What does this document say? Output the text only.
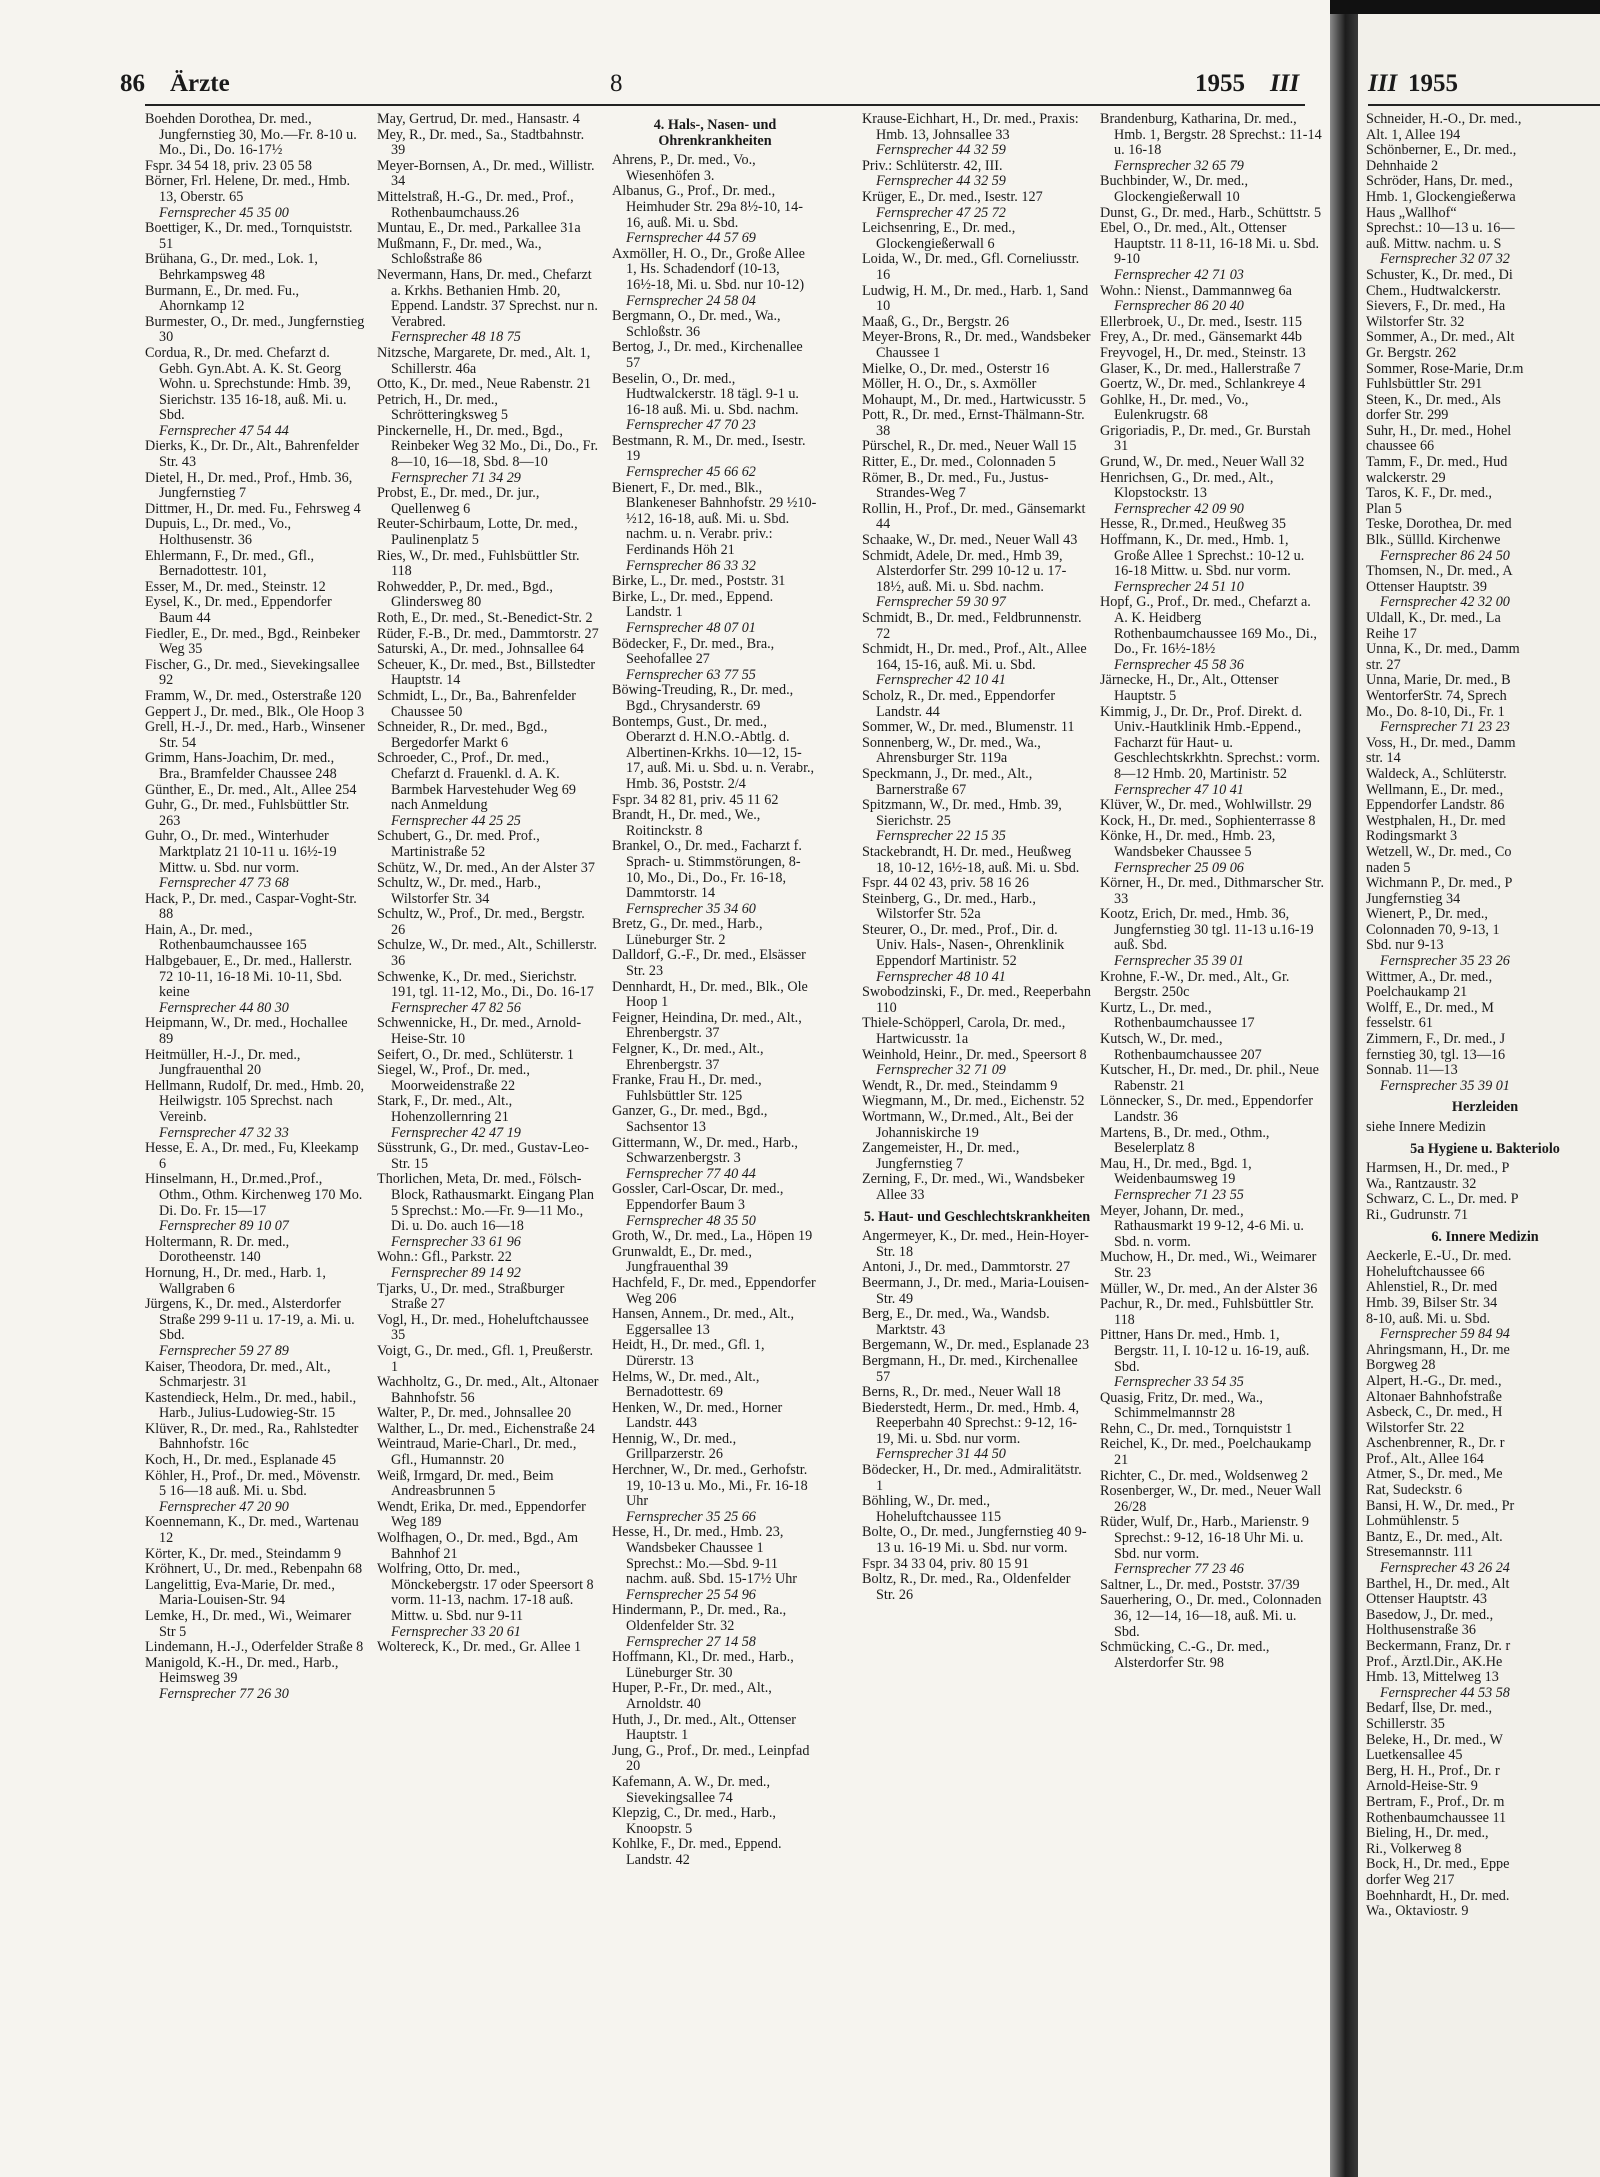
86 Ärzte	8	1955 III	III 1955
Boehden Dorothea, Dr. med., Jungfernstieg 30, Mo.—Fr. 8-10 u. Mo., Di., Do. 16-17½
Fspr. 34 54 18, priv. 23 05 58
Börner, Frl. Helene, Dr. med., Hmb. 13, Oberstr. 65
Fernsprecher 45 35 00
Boettiger, K., Dr. med., Tornquiststr. 51
Brühana, G., Dr. med., Lok. 1, Behrkampsweg 48
Burmann, E., Dr. med. Fu., Ahornkamp 12
Burmester, O., Dr. med., Jungfernstieg 30
Cordua, R., Dr. med. Chefarzt d. Gebh. Gyn.Abt. A. K. St. Georg Wohn. u. Sprechstunde: Hmb. 39, Sierichstr. 135 16-18, auß. Mi. u. Sbd.
Fernsprecher 47 54 44
Dierks, K., Dr. Dr., Alt., Bahrenfelder Str. 43
Dietel, H., Dr. med., Prof., Hmb. 36, Jungfernstieg 7
Dittmer, H., Dr. med. Fu., Fehrsweg 4
Dupuis, L., Dr. med., Vo., Holthusenstr. 36
Ehlermann, F., Dr. med., Gfl., Bernadottestr. 101,
Esser, M., Dr. med., Steinstr. 12
Eysel, K., Dr. med., Eppendorfer Baum 44
Fiedler, E., Dr. med., Bgd., Reinbeker Weg 35
Fischer, G., Dr. med., Sievekingsallee 92
Framm, W., Dr. med., Osterstraße 120
Geppert J., Dr. med., Blk., Ole Hoop 3
Grell, H.-J., Dr. med., Harb., Winsener Str. 54
Grimm, Hans-Joachim, Dr. med., Bra., Bramfelder Chaussee 248
Günther, E., Dr. med., Alt., Allee 254
Guhr, G., Dr. med., Fuhlsbüttler Str. 263
Guhr, O., Dr. med., Winterhuder Marktplatz 21 10-11 u. 16½-19 Mittw. u. Sbd. nur vorm.
Fernsprecher 47 73 68
Hack, P., Dr. med., Caspar-Voght-Str. 88
Hain, A., Dr. med., Rothenbaumchaussee 165
Halbgebauer, E., Dr. med., Hallerstr. 72 10-11, 16-18 Mi. 10-11, Sbd. keine
Fernsprecher 44 80 30
Heipmann, W., Dr. med., Hochallee 89
Heitmüller, H.-J., Dr. med., Jungfrauenthal 20
Hellmann, Rudolf, Dr. med., Hmb. 20, Heilwigstr. 105 Sprechst. nach Vereinb.
Fernsprecher 47 32 33
Hesse, E. A., Dr. med., Fu, Kleekamp 6
Hinselmann, H., Dr.med.,Prof., Othm., Othm. Kirchenweg 170 Mo. Di. Do. Fr. 15—17
Fernsprecher 89 10 07
Holtermann, R. Dr. med., Dorotheenstr. 140
Hornung, H., Dr. med., Harb. 1, Wallgraben 6
Jürgens, K., Dr. med., Alsterdorfer Straße 299 9-11 u. 17-19, a. Mi. u. Sbd.
Fernsprecher 59 27 89
Kaiser, Theodora, Dr. med., Alt., Schmarjestr. 31
Kastendieck, Helm., Dr. med., habil., Harb., Julius-Ludowieg-Str. 15
Klüver, R., Dr. med., Ra., Rahlstedter Bahnhofstr. 16c
Koch, H., Dr. med., Esplanade 45
Köhler, H., Prof., Dr. med., Mövenstr. 5 16—18 auß. Mi. u. Sbd.
Fernsprecher 47 20 90
Koennemann, K., Dr. med., Wartenau 12
Körter, K., Dr. med., Steindamm 9
Kröhnert, U., Dr. med., Rebenpahn 68
Langelittig, Eva-Marie, Dr. med., Maria-Louisen-Str. 94
Lemke, H., Dr. med., Wi., Weimarer Str 5
Lindemann, H.-J., Oderfelder Straße 8
Manigold, K.-H., Dr. med., Harb., Heimsweg 39
Fernsprecher 77 26 30
May, Gertrud, Dr. med., Hansastr. 4
Mey, R., Dr. med., Sa., Stadtbahnstr. 39
Meyer-Bornsen, A., Dr. med., Willistr. 34
Mittelstraß, H.-G., Dr. med., Prof., Rothenbaumchauss.26
Muntau, E., Dr. med., Parkallee 31a
Mußmann, F., Dr. med., Wa., Schloßstraße 86
Nevermann, Hans, Dr. med., Chefarzt a. Krkhs. Bethanien Hmb. 20, Eppend. Landstr. 37 Sprechst. nur n. Verabred.
Fernsprecher 48 18 75
Nitzsche, Margarete, Dr. med., Alt. 1, Schillerstr. 46a
Otto, K., Dr. med., Neue Rabenstr. 21
Petrich, H., Dr. med., Schrötteringksweg 5
Pinckernelle, H., Dr. med., Bgd., Reinbeker Weg 32 Mo., Di., Do., Fr. 8—10, 16—18, Sbd. 8—10
Fernsprecher 71 34 29
Probst, E., Dr. med., Dr. jur., Quellenweg 6
Reuter-Schirbaum, Lotte, Dr. med., Paulinenplatz 5
Ries, W., Dr. med., Fuhlsbüttler Str. 118
Rohwedder, P., Dr. med., Bgd., Glindersweg 80
Roth, E., Dr. med., St.-Benedict-Str. 2
Rüder, F.-B., Dr. med., Dammtorstr. 27
Saturski, A., Dr. med., Johnsallee 64
Scheuer, K., Dr. med., Bst., Billstedter Hauptstr. 14
Schmidt, L., Dr., Ba., Bahrenfelder Chaussee 50
Schneider, R., Dr. med., Bgd., Bergedorfer Markt 6
Schroeder, C., Prof., Dr. med., Chefarzt d. Frauenkl. d. A. K. Barmbek Harvestehuder Weg 69 nach Anmeldung
Fernsprecher 44 25 25
Schubert, G., Dr. med. Prof., Martinistraße 52
Schütz, W., Dr. med., An der Alster 37
Schultz, W., Dr. med., Harb., Wilstorfer Str. 34
Schultz, W., Prof., Dr. med., Bergstr. 26
Schulze, W., Dr. med., Alt., Schillerstr. 36
Schwenke, K., Dr. med., Sierichstr. 191, tgl. 11-12, Mo., Di., Do. 16-17
Fernsprecher 47 82 56
Schwennicke, H., Dr. med., Arnold-Heise-Str. 10
Seifert, O., Dr. med., Schlüterstr. 1
Siegel, W., Prof., Dr. med., Moorweidenstraße 22
Stark, F., Dr. med., Alt., Hohenzollernring 21
Fernsprecher 42 47 19
Süsstrunk, G., Dr. med., Gustav-Leo-Str. 15
Thorlichen, Meta, Dr. med., Fölsch-Block, Rathausmarkt. Eingang Plan 5 Sprechst.: Mo.—Fr. 9—11 Mo., Di. u. Do. auch 16—18
Fernsprecher 33 61 96
Wohn.: Gfl., Parkstr. 22
Fernsprecher 89 14 92
Tjarks, U., Dr. med., Straßburger Straße 27
Vogl, H., Dr. med., Hoheluftchaussee 35
Voigt, G., Dr. med., Gfl. 1, Preußerstr. 1
Wachholtz, G., Dr. med., Alt., Altonaer Bahnhofstr. 56
Walter, P., Dr. med., Johnsallee 20
Walther, L., Dr. med., Eichenstraße 24
Weintraud, Marie-Charl., Dr. med., Gfl., Humannstr. 20
Weiß, Irmgard, Dr. med., Beim Andreasbrunnen 5
Wendt, Erika, Dr. med., Eppendorfer Weg 189
Wolfhagen, O., Dr. med., Bgd., Am Bahnhof 21
Wolfring, Otto, Dr. med., Mönckebergstr. 17 oder Speersort 8 vorm. 11-13, nachm. 17-18 auß. Mittw. u. Sbd. nur 9-11
Fernsprecher 33 20 61
Woltereck, K., Dr. med., Gr. Allee 1
4. Hals-, Nasen- und Ohrenkrankheiten
Ahrens, P., Dr. med., Vo., Wiesenhöfen 3.
Albanus, G., Prof., Dr. med., Heimhuder Str. 29a 8½-10, 14-16, auß. Mi. u. Sbd.
Fernsprecher 44 57 69
Axmöller, H. O., Dr., Große Allee 1, Hs. Schadendorf (10-13, 16½-18, Mi. u. Sbd. nur 10-12)
Fernsprecher 24 58 04
Bergmann, O., Dr. med., Wa., Schloßstr. 36
Bertog, J., Dr. med., Kirchenallee 57
Beselin, O., Dr. med., Hudtwalckerstr. 18 tägl. 9-1 u. 16-18 auß. Mi. u. Sbd. nachm.
Fernsprecher 47 70 23
Bestmann, R. M., Dr. med., Isestr. 19
Fernsprecher 45 66 62
Bienert, F., Dr. med., Blk., Blankeneser Bahnhofstr. 29 ½10-½12, 16-18, auß. Mi. u. Sbd. nachm. u. n. Verabr. priv.: Ferdinands Höh 21
Fernsprecher 86 33 32
Birke, L., Dr. med., Poststr. 31
Birke, L., Dr. med., Eppend. Landstr. 1
Fernsprecher 48 07 01
Bödecker, F., Dr. med., Bra., Seehofallee 27
Fernsprecher 63 77 55
Böwing-Treuding, R., Dr. med., Bgd., Chrysanderstr. 69
Bontemps, Gust., Dr. med., Oberarzt d. H.N.O.-Abtlg. d. Albertinen-Krkhs. 10—12, 15-17, auß. Mi. u. Sbd. u. n. Verabr., Hmb. 36, Poststr. 2/4
Fspr. 34 82 81, priv. 45 11 62
Brandt, H., Dr. med., We., Roitinckstr. 8
Brankel, O., Dr. med., Facharzt f. Sprach- u. Stimmstörungen, 8-10, Mo., Di., Do., Fr. 16-18, Dammtorstr. 14
Fernsprecher 35 34 60
Bretz, G., Dr. med., Harb., Lüneburger Str. 2
Dalldorf, G.-F., Dr. med., Elsässer Str. 23
Dennhardt, H., Dr. med., Blk., Ole Hoop 1
Feigner, Heindina, Dr. med., Alt., Ehrenbergstr. 37
Felgner, K., Dr. med., Alt., Ehrenbergstr. 37
Franke, Frau H., Dr. med., Fuhlsbüttler Str. 125
Ganzer, G., Dr. med., Bgd., Sachsentor 13
Gittermann, W., Dr. med., Harb., Schwarzenbergstr. 3
Fernsprecher 77 40 44
Gossler, Carl-Oscar, Dr. med., Eppendorfer Baum 3
Fernsprecher 48 35 50
Groth, W., Dr. med., La., Höpen 19
Grunwaldt, E., Dr. med., Jungfrauenthal 39
Hachfeld, F., Dr. med., Eppendorfer Weg 206
Hansen, Annem., Dr. med., Alt., Eggersallee 13
Heidt, H., Dr. med., Gfl. 1, Dürerstr. 13
Helms, W., Dr. med., Alt., Bernadottestr. 69
Henken, W., Dr. med., Horner Landstr. 443
Hennig, W., Dr. med., Grillparzerstr. 26
Herchner, W., Dr. med., Gerhofstr. 19, 10-13 u. Mo., Mi., Fr. 16-18 Uhr
Fernsprecher 35 25 66
Hesse, H., Dr. med., Hmb. 23, Wandsbeker Chaussee 1 Sprechst.: Mo.—Sbd. 9-11 nachm. auß. Sbd. 15-17½ Uhr
Fernsprecher 25 54 96
Hindermann, P., Dr. med., Ra., Oldenfelder Str. 32
Fernsprecher 27 14 58
Hoffmann, Kl., Dr. med., Harb., Lüneburger Str. 30
Huper, P.-Fr., Dr. med., Alt., Arnoldstr. 40
Huth, J., Dr. med., Alt., Ottenser Hauptstr. 1
Jung, G., Prof., Dr. med., Leinpfad 20
Kafemann, A. W., Dr. med., Sievekingsallee 74
Klepzig, C., Dr. med., Harb., Knoopstr. 5
Kohlke, F., Dr. med., Eppend. Landstr. 42
Krause-Eichhart, H., Dr. med., Praxis: Hmb. 13, Johnsallee 33
Fernsprecher 44 32 59
Priv.: Schlüterstr. 42, III.
Fernsprecher 44 32 59
Krüger, E., Dr. med., Isestr. 127
Fernsprecher 47 25 72
Leichsenring, E., Dr. med., Glockengießerwall 6
Loida, W., Dr. med., Gfl. Corneliusstr. 16
Ludwig, H. M., Dr. med., Harb. 1, Sand 10
Maaß, G., Dr., Bergstr. 26
Meyer-Brons, R., Dr. med., Wandsbeker Chaussee 1
Mielke, O., Dr. med., Osterstr 16
Möller, H. O., Dr., s. Axmöller
Mohaupt, M., Dr. med., Hartwicusstr. 5
Pott, R., Dr. med., Ernst-Thälmann-Str. 38
Pürschel, R., Dr. med., Neuer Wall 15
Ritter, E., Dr. med., Colonnaden 5
Römer, B., Dr. med., Fu., Justus-Strandes-Weg 7
Rollin, H., Prof., Dr. med., Gänsemarkt 44
Schaake, W., Dr. med., Neuer Wall 43
Schmidt, Adele, Dr. med., Hmb 39, Alsterdorfer Str. 299 10-12 u. 17-18½, auß. Mi. u. Sbd. nachm.
Fernsprecher 59 30 97
Schmidt, B., Dr. med., Feldbrunnenstr. 72
Schmidt, H., Dr. med., Prof., Alt., Allee 164, 15-16, auß. Mi. u. Sbd.
Fernsprecher 42 10 41
Scholz, R., Dr. med., Eppendorfer Landstr. 44
Sommer, W., Dr. med., Blumenstr. 11
Sonnenberg, W., Dr. med., Wa., Ahrensburger Str. 119a
Speckmann, J., Dr. med., Alt., Barnerstraße 67
Spitzmann, W., Dr. med., Hmb. 39, Sierichstr. 25
Fernsprecher 22 15 35
Stackebrandt, H. Dr. med., Heußweg 18, 10-12, 16½-18, auß. Mi. u. Sbd.
Fspr. 44 02 43, priv. 58 16 26
Steinberg, G., Dr. med., Harb., Wilstorfer Str. 52a
Steurer, O., Dr. med., Prof., Dir. d. Univ. Hals-, Nasen-, Ohrenklinik Eppendorf Martinistr. 52
Fernsprecher 48 10 41
Swobodzinski, F., Dr. med., Reeperbahn 110
Thiele-Schöpperl, Carola, Dr. med., Hartwicusstr. 1a
Weinhold, Heinr., Dr. med., Speersort 8
Fernsprecher 32 71 09
Wendt, R., Dr. med., Steindamm 9
Wiegmann, M., Dr. med., Eichenstr. 52
Wortmann, W., Dr.med., Alt., Bei der Johanniskirche 19
Zangemeister, H., Dr. med., Jungfernstieg 7
Zerning, F., Dr. med., Wi., Wandsbeker Allee 33
5. Haut- und Geschlechtskrankheiten
Angermeyer, K., Dr. med., Hein-Hoyer-Str. 18
Antoni, J., Dr. med., Dammtorstr. 27
Beermann, J., Dr. med., Maria-Louisen-Str. 49
Berg, E., Dr. med., Wa., Wandsb. Marktstr. 43
Bergemann, W., Dr. med., Esplanade 23
Bergmann, H., Dr. med., Kirchenallee 57
Berns, R., Dr. med., Neuer Wall 18
Biederstedt, Herm., Dr. med., Hmb. 4, Reeperbahn 40 Sprechst.: 9-12, 16-19, Mi. u. Sbd. nur vorm.
Fernsprecher 31 44 50
Bödecker, H., Dr. med., Admiralitätstr. 1
Böhling, W., Dr. med., Hoheluftchaussee 115
Bolte, O., Dr. med., Jungfernstieg 40 9-13 u. 16-19 Mi. u. Sbd. nur vorm.
Fspr. 34 33 04, priv. 80 15 91
Boltz, R., Dr. med., Ra., Oldenfelder Str. 26
Brandenburg, Katharina, Dr. med., Hmb. 1, Bergstr. 28 Sprechst.: 11-14 u. 16-18
Fernsprecher 32 65 79
Buchbinder, W., Dr. med., Glockengießerwall 10
Dunst, G., Dr. med., Harb., Schüttstr. 5
Ebel, O., Dr. med., Alt., Ottenser Hauptstr. 11 8-11, 16-18 Mi. u. Sbd. 9-10
Fernsprecher 42 71 03
Wohn.: Nienst., Dammannweg 6a
Fernsprecher 86 20 40
Ellerbroek, U., Dr. med., Isestr. 115
Frey, A., Dr. med., Gänsemarkt 44b
Freyvogel, H., Dr. med., Steinstr. 13
Glaser, K., Dr. med., Hallerstraße 7
Goertz, W., Dr. med., Schlankreye 4
Gohlke, H., Dr. med., Vo., Eulenkrugstr. 68
Grigoriadis, P., Dr. med., Gr. Burstah 31
Grund, W., Dr. med., Neuer Wall 32
Henrichsen, G., Dr. med., Alt., Klopstockstr. 13
Fernsprecher 42 09 90
Hesse, R., Dr.med., Heußweg 35
Hoffmann, K., Dr. med., Hmb. 1, Große Allee 1 Sprechst.: 10-12 u. 16-18 Mittw. u. Sbd. nur vorm.
Fernsprecher 24 51 10
Hopf, G., Prof., Dr. med., Chefarzt a. A. K. Heidberg Rothenbaumchaussee 169 Mo., Di., Do., Fr. 16½-18½
Fernsprecher 45 58 36
Järnecke, H., Dr., Alt., Ottenser Hauptstr. 5
Kimmig, J., Dr. Dr., Prof. Direkt. d. Univ.-Hautklinik Hmb.-Eppend., Facharzt für Haut- u. Geschlechtskrkhtn. Sprechst.: vorm. 8—12 Hmb. 20, Martinistr. 52
Fernsprecher 47 10 41
Klüver, W., Dr. med., Wohlwillstr. 29
Kock, H., Dr. med., Sophienterrasse 8
Könke, H., Dr. med., Hmb. 23, Wandsbeker Chaussee 5
Fernsprecher 25 09 06
Körner, H., Dr. med., Dithmarscher Str. 33
Kootz, Erich, Dr. med., Hmb. 36, Jungfernstieg 30 tgl. 11-13 u.16-19 auß. Sbd.
Fernsprecher 35 39 01
Krohne, F.-W., Dr. med., Alt., Gr. Bergstr. 250c
Kurtz, L., Dr. med., Rothenbaumchaussee 17
Kutsch, W., Dr. med., Rothenbaumchaussee 207
Kutscher, H., Dr. med., Dr. phil., Neue Rabenstr. 21
Lönnecker, S., Dr. med., Eppendorfer Landstr. 36
Martens, B., Dr. med., Othm., Beselerplatz 8
Mau, H., Dr. med., Bgd. 1, Weidenbaumsweg 19
Fernsprecher 71 23 55
Meyer, Johann, Dr. med., Rathausmarkt 19 9-12, 4-6 Mi. u. Sbd. n. vorm.
Muchow, H., Dr. med., Wi., Weimarer Str. 23
Müller, W., Dr. med., An der Alster 36
Pachur, R., Dr. med., Fuhlsbüttler Str. 118
Pittner, Hans Dr. med., Hmb. 1, Bergstr. 11, I. 10-12 u. 16-19, auß. Sbd.
Fernsprecher 33 54 35
Quasig, Fritz, Dr. med., Wa., Schimmelmannstr 28
Rehn, C., Dr. med., Tornquiststr 1
Reichel, K., Dr. med., Poelchaukamp 21
Richter, C., Dr. med., Woldsenweg 2
Rosenberger, W., Dr. med., Neuer Wall 26/28
Rüder, Wulf, Dr., Harb., Marienstr. 9 Sprechst.: 9-12, 16-18 Uhr Mi. u. Sbd. nur vorm.
Fernsprecher 77 23 46
Saltner, L., Dr. med., Poststr. 37/39
Sauerhering, O., Dr. med., Colonnaden 36, 12—14, 16—18, auß. Mi. u. Sbd.
Schmücking, C.-G., Dr. med., Alsterdorfer Str. 98
Schneider, H.-O., Dr. med.,
Alt. 1, Allee 194
Schönberner, E., Dr. med.,
Dehnhaide 2
Schröder, Hans, Dr. med.,
Hmb. 1, Glockengießerwa
Haus „Wallhof“
Sprechst.: 10—13 u. 16—
auß. Mittw. nachm. u. S
Fernsprecher 32 07 32
Schuster, K., Dr. med., Di
Chem., Hudtwalckerstr.
Sievers, F., Dr. med., Ha
Wilstorfer Str. 32
Sommer, A., Dr. med., Alt
Gr. Bergstr. 262
Sommer, Rose-Marie, Dr.m
Fuhlsbüttler Str. 291
Steen, K., Dr. med., Als
dorfer Str. 299
Suhr, H., Dr. med., Hohel
chaussee 66
Tamm, F., Dr. med., Hud
walckerstr. 29
Taros, K. F., Dr. med.,
Plan 5
Teske, Dorothea, Dr. med
Blk., Süllld. Kirchenwe
Fernsprecher 86 24 50
Thomsen, N., Dr. med., A
Ottenser Hauptstr. 39
Fernsprecher 42 32 00
Uldall, K., Dr. med., La
Reihe 17
Unna, K., Dr. med., Damm
str. 27
Unna, Marie, Dr. med., B
WentorferStr. 74, Sprech
Mo., Do. 8-10, Di., Fr. 1
Fernsprecher 71 23 23
Voss, H., Dr. med., Damm
str. 14
Waldeck, A., Schlüterstr.
Wellmann, E., Dr. med.,
Eppendorfer Landstr. 86
Westphalen, H., Dr. med
Rodingsmarkt 3
Wetzell, W., Dr. med., Co
naden 5
Wichmann P., Dr. med., P
Jungfernstieg 34
Wienert, P., Dr. med.,
Colonnaden 70, 9-13, 1
Sbd. nur 9-13
Fernsprecher 35 23 26
Wittmer, A., Dr. med.,
Poelchaukamp 21
Wolff, E., Dr. med., M
fesselstr. 61
Zimmern, F., Dr. med., J
fernstieg 30, tgl. 13—16
Sonnab. 11—13
Fernsprecher 35 39 01
Herzleiden
siehe Innere Medizin
5a Hygiene u. Bakteriolo
Harmsen, H., Dr. med., P
Wa., Rantzaustr. 32
Schwarz, C. L., Dr. med. P
Ri., Gudrunstr. 71
6. Innere Medizin
Aeckerle, E.-U., Dr. med.
Hoheluftchaussee 66
Ahlenstiel, R., Dr. med
Hmb. 39, Bilser Str. 34
8-10, auß. Mi. u. Sbd.
Fernsprecher 59 84 94
Ahringsmann, H., Dr. me
Borgweg 28
Alpert, H.-G., Dr. med.,
Altonaer Bahnhofstraße
Asbeck, C., Dr. med., H
Wilstorfer Str. 22
Aschenbrenner, R., Dr. r
Prof., Alt., Allee 164
Atmer, S., Dr. med., Me
Rat, Sudeckstr. 6
Bansi, H. W., Dr. med., Pr
Lohmühlenstr. 5
Bantz, E., Dr. med., Alt.
Stresemannstr. 111
Fernsprecher 43 26 24
Barthel, H., Dr. med., Alt
Ottenser Hauptstr. 43
Basedow, J., Dr. med.,
Holthusenstraße 36
Beckermann, Franz, Dr. r
Prof., Ärztl.Dir., AK.He
Hmb. 13, Mittelweg 13
Fernsprecher 44 53 58
Bedarf, Ilse, Dr. med.,
Schillerstr. 35
Beleke, H., Dr. med., W
Luetkensallee 45
Berg, H. H., Prof., Dr. r
Arnold-Heise-Str. 9
Bertram, F., Prof., Dr. m
Rothenbaumchaussee 11
Bieling, H., Dr. med.,
Ri., Volkerweg 8
Bock, H., Dr. med., Eppe
dorfer Weg 217
Boehnhardt, H., Dr. med.
Wa., Oktaviostr. 9
